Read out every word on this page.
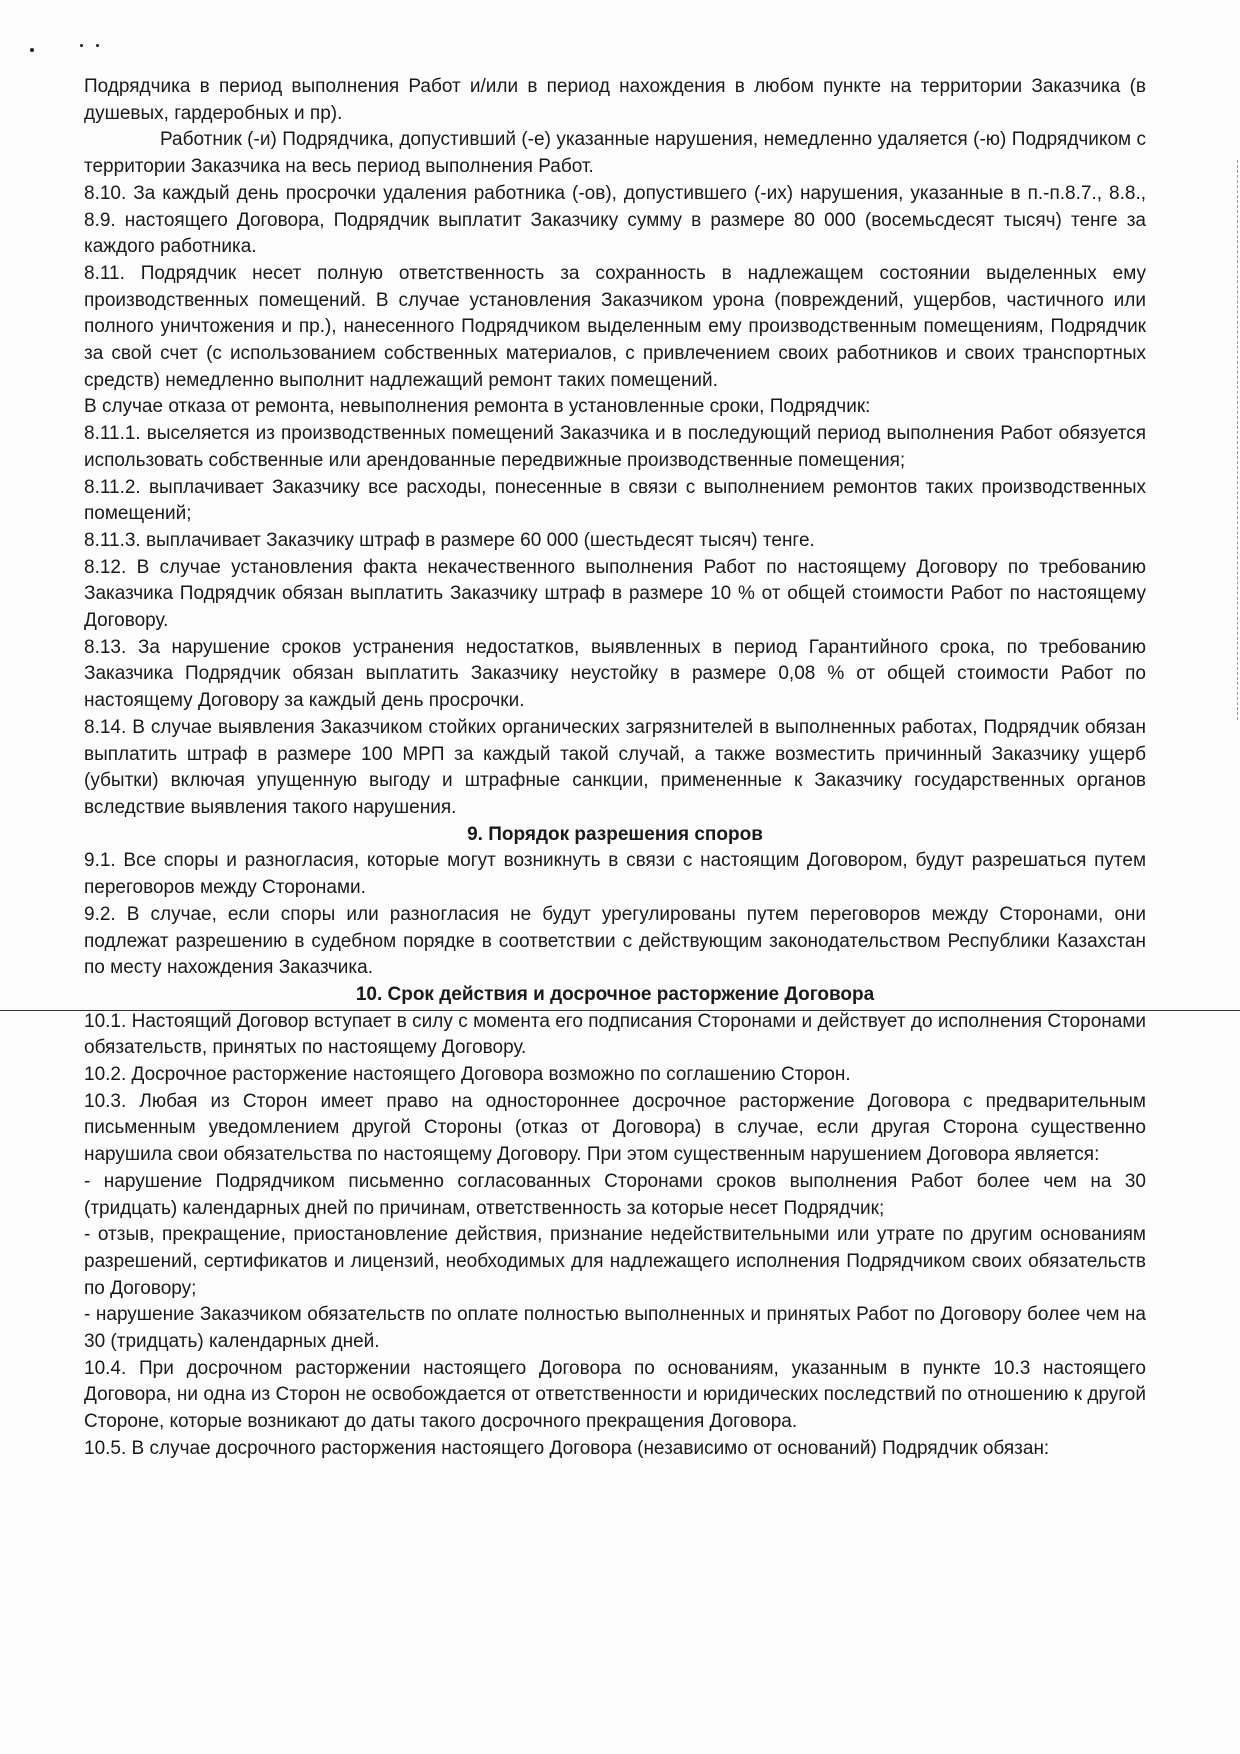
Подрядчика в период выполнения Работ и/или в период нахождения в любом пункте на территории Заказчика (в душевых, гардеробных и пр).

Работник (-и) Подрядчика, допустивший (-е) указанные нарушения, немедленно удаляется (-ю) Подрядчиком с территории Заказчика на весь период выполнения Работ.

8.10. За каждый день просрочки удаления работника (-ов), допустившего (-их) нарушения, указанные в п.-п.8.7., 8.8., 8.9. настоящего Договора, Подрядчик выплатит Заказчику сумму в размере 80 000 (восемьсдесят тысяч) тенге за каждого работника.

8.11. Подрядчик несет полную ответственность за сохранность в надлежащем состоянии выделенных ему производственных помещений. В случае установления Заказчиком урона (повреждений, ущербов, частичного или полного уничтожения и пр.), нанесенного Подрядчиком выделенным ему производственным помещениям, Подрядчик за свой счет (с использованием собственных материалов, с привлечением своих работников и своих транспортных средств) немедленно выполнит надлежащий ремонт таких помещений.

В случае отказа от ремонта, невыполнения ремонта в установленные сроки, Подрядчик:

8.11.1. выселяется из производственных помещений Заказчика и в последующий период выполнения Работ обязуется использовать собственные или арендованные передвижные производственные помещения;

8.11.2. выплачивает Заказчику все расходы, понесенные в связи с выполнением ремонтов таких производственных помещений;

8.11.3. выплачивает Заказчику штраф в размере 60 000 (шестьдесят тысяч) тенге.

8.12. В случае установления факта некачественного выполнения Работ по настоящему Договору по требованию Заказчика Подрядчик обязан выплатить Заказчику штраф в размере 10 % от общей стоимости Работ по настоящему Договору.

8.13. За нарушение сроков устранения недостатков, выявленных в период Гарантийного срока, по требованию Заказчика Подрядчик обязан выплатить Заказчику неустойку в размере 0,08 % от общей стоимости Работ по настоящему Договору за каждый день просрочки.

8.14. В случае выявления Заказчиком стойких органических загрязнителей в выполненных работах, Подрядчик обязан выплатить штраф в размере 100 МРП за каждый такой случай, а также возместить причинный Заказчику ущерб (убытки) включая упущенную выгоду и штрафные санкции, примененные к Заказчику государственных органов вследствие выявления такого нарушения.

9. Порядок разрешения споров

9.1. Все споры и разногласия, которые могут возникнуть в связи с настоящим Договором, будут разрешаться путем переговоров между Сторонами.

9.2. В случае, если споры или разногласия не будут урегулированы путем переговоров между Сторонами, они подлежат разрешению в судебном порядке в соответствии с действующим законодательством Республики Казахстан по месту нахождения Заказчика.

10. Срок действия и досрочное расторжение Договора

10.1. Настоящий Договор вступает в силу с момента его подписания Сторонами и действует до исполнения Сторонами обязательств, принятых по настоящему Договору.

10.2. Досрочное расторжение настоящего Договора возможно по соглашению Сторон.

10.3. Любая из Сторон имеет право на одностороннее досрочное расторжение Договора с предварительным письменным уведомлением другой Стороны (отказ от Договора) в случае, если другая Сторона существенно нарушила свои обязательства по настоящему Договору. При этом существенным нарушением Договора является:

- нарушение Подрядчиком письменно согласованных Сторонами сроков выполнения Работ более чем на 30 (тридцать) календарных дней по причинам, ответственность за которые несет Подрядчик;

- отзыв, прекращение, приостановление действия, признание недействительными или утрате по другим основаниям разрешений, сертификатов и лицензий, необходимых для надлежащего исполнения Подрядчиком своих обязательств по Договору;

- нарушение Заказчиком обязательств по оплате полностью выполненных и принятых Работ по Договору более чем на 30 (тридцать) календарных дней.

10.4. При досрочном расторжении настоящего Договора по основаниям, указанным в пункте 10.3 настоящего Договора, ни одна из Сторон не освобождается от ответственности и юридических последствий по отношению к другой Стороне, которые возникают до даты такого досрочного прекращения Договора.

10.5. В случае досрочного расторжения настоящего Договора (независимо от оснований) Подрядчик обязан:
